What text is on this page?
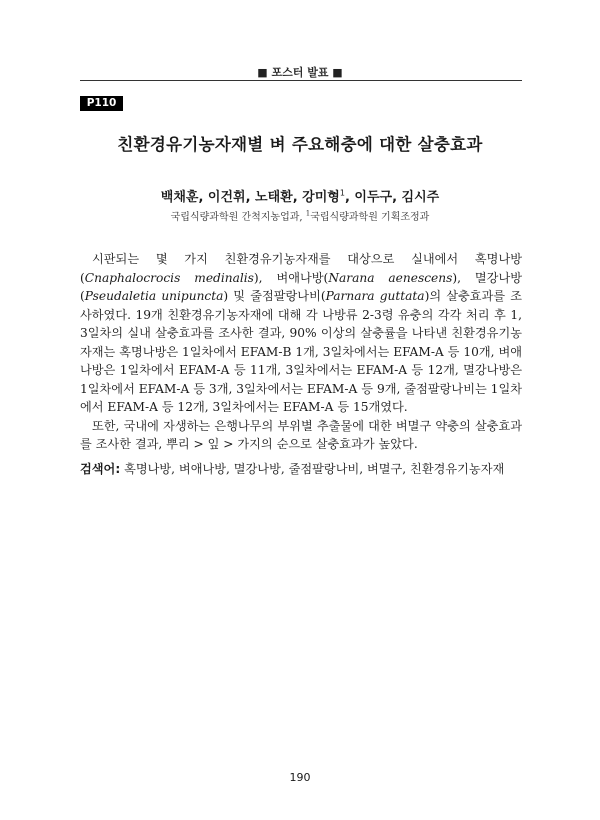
■ 포스터 발표 ■
P110
친환경유기농자재별 벼 주요해충에 대한 살충효과
백채훈, 이건휘, 노태환, 강미형$^1$, 이두구, 김시주
국립식량과학원 간척지농업과, $^1$국립식량과학원 기획조정과

시판되는 몇 가지 친환경유기농자재를 대상으로 실내에서 혹명나방(Cnaphalocrocis medinalis), 벼애나방(Narana aenescens), 멸강나방(Pseudaletia unipuncta) 및 줄점팔랑나비(Parnara guttata)의 살충효과를 조사하였다. 19개 친환경유기농자재에 대해 각 나방류 2-3령 유충의 각각 처리 후 1, 3일차의 실내 살충효과를 조사한 결과, 90% 이상의 살충률을 나타낸 친환경유기농자재는 혹명나방은 1일차에서 EFAM-B 1개, 3일차에서는 EFAM-A 등 10개, 벼애나방은 1일차에서 EFAM-A 등 11개, 3일차에서는 EFAM-A 등 12개, 멸강나방은 1일차에서 EFAM-A 등 3개, 3일차에서는 EFAM-A 등 9개, 줄점팔랑나비는 1일차에서 EFAM-A 등 12개, 3일차에서는 EFAM-A 등 15개였다.

또한, 국내에 자생하는 은행나무의 부위별 추출물에 대한 벼멸구 약충의 살충효과를 조사한 결과, 뿌리 > 잎 > 가지의 순으로 살충효과가 높았다.

검색어: 혹명나방, 벼애나방, 멸강나방, 줄점팔랑나비, 벼멸구, 친환경유기농자재
190
